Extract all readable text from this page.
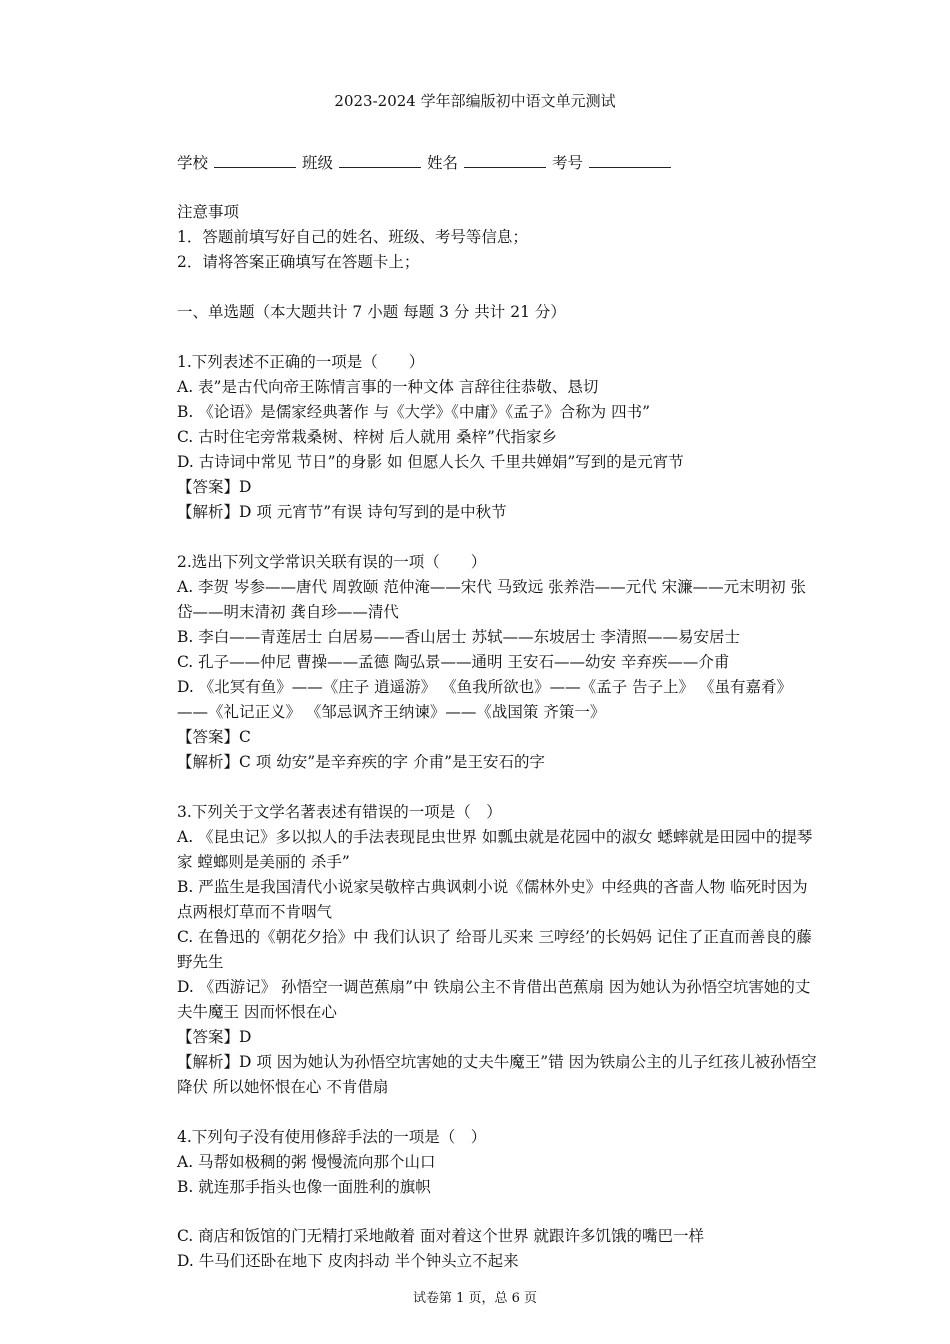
2023-2024 学年部编版初中语文单元测试
学校	班级	姓名	考号

注意事项

1．答题前填写好自己的姓名、班级、考号等信息；

2．请将答案正确填写在答题卡上；

一、单选题（本大题共计 7 小题 每题 3 分 共计 21 分）

1.下列表述不正确的一项是（　　）

A. 表”是古代向帝王陈情言事的一种文体 言辞往往恭敬、恳切

B. 《论语》是儒家经典著作 与《大学》《中庸》《孟子》合称为 四书”

C. 古时住宅旁常栽桑树、梓树 后人就用 桑梓”代指家乡

D. 古诗词中常见 节日”的身影 如 但愿人长久 千里共婵娟”写到的是元宵节

【答案】D

【解析】D 项 元宵节”有误 诗句写到的是中秋节

2.选出下列文学常识关联有误的一项（　　）

A. 李贺 岑参——唐代 周敦颐 范仲淹——宋代 马致远 张养浩——元代 宋濂——元末明初 张岱——明末清初 龚自珍——清代

B. 李白——青莲居士 白居易——香山居士 苏轼——东坡居士 李清照——易安居士

C. 孔子——仲尼 曹操——孟德 陶弘景——通明 王安石——幼安 辛弃疾——介甫

D. 《北冥有鱼》——《庄子 逍遥游》 《鱼我所欲也》——《孟子 告子上》 《虽有嘉肴》——《礼记正义》 《邹忌讽齐王纳谏》——《战国策 齐策一》

【答案】C

【解析】C 项 幼安”是辛弃疾的字 介甫”是王安石的字

3.下列关于文学名著表述有错误的一项是（　）

A. 《昆虫记》多以拟人的手法表现昆虫世界 如瓢虫就是花园中的淑女 蟋蟀就是田园中的提琴家 螳螂则是美丽的 杀手”

B. 严监生是我国清代小说家吴敬梓古典讽刺小说《儒林外史》中经典的吝啬人物 临死时因为点两根灯草而不肯咽气

C. 在鲁迅的《朝花夕拾》中 我们认识了 给哥儿买来 三哼经’的长妈妈 记住了正直而善良的藤野先生

D. 《西游记》 孙悟空一调芭蕉扇”中 铁扇公主不肯借出芭蕉扇 因为她认为孙悟空坑害她的丈夫牛魔王 因而怀恨在心

【答案】D

【解析】D 项 因为她认为孙悟空坑害她的丈夫牛魔王”错 因为铁扇公主的儿子红孩儿被孙悟空降伏 所以她怀恨在心 不肯借扇

4.下列句子没有使用修辞手法的一项是（　）

A. 马帮如极稠的粥 慢慢流向那个山口

B. 就连那手指头也像一面胜利的旗帜

C. 商店和饭馆的门无精打采地敞着 面对着这个世界 就跟许多饥饿的嘴巴一样

D. 牛马们还卧在地下 皮肉抖动 半个钟头立不起来

试卷第 1 页，总 6 页
